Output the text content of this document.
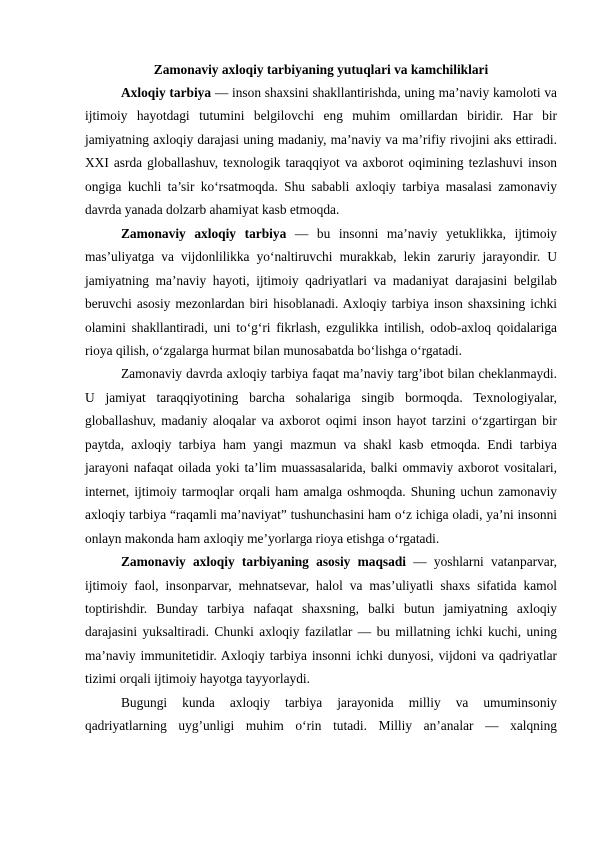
Zamonaviy axloqiy tarbiyaning yutuqlari va kamchiliklari

Axloqiy tarbiya — inson shaxsini shakllantirishda, uning ma’naviy kamoloti va ijtimoiy hayotdagi tutumini belgilovchi eng muhim omillardan biridir. Har bir jamiyatning axloqiy darajasi uning madaniy, ma’naviy va ma’rifiy rivojini aks ettiradi. XXI asrda globallashuv, texnologik taraqqiyot va axborot oqimining tezlashuvi inson ongiga kuchli ta’sir ko‘rsatmoqda. Shu sababli axloqiy tarbiya masalasi zamonaviy davrda yanada dolzarb ahamiyat kasb etmoqda.

Zamonaviy axloqiy tarbiya — bu insonni ma’naviy yetuklikka, ijtimoiy mas’uliyatga va vijdonlilikka yo‘naltiruvchi murakkab, lekin zaruriy jarayondir. U jamiyatning ma’naviy hayoti, ijtimoiy qadriyatlari va madaniyat darajasini belgilab beruvchi asosiy mezonlardan biri hisoblanadi. Axloqiy tarbiya inson shaxsining ichki olamini shakllantiradi, uni to‘g‘ri fikrlash, ezgulikka intilish, odob-axloq qoidalariga rioya qilish, o‘zgalarga hurmat bilan munosabatda bo‘lishga o‘rgatadi.

Zamonaviy davrda axloqiy tarbiya faqat ma’naviy targ’ibot bilan cheklanmaydi. U jamiyat taraqqiyotining barcha sohalariga singib bormoqda. Texnologiyalar, globallashuv, madaniy aloqalar va axborot oqimi inson hayot tarzini o‘zgartirgan bir paytda, axloqiy tarbiya ham yangi mazmun va shakl kasb etmoqda. Endi tarbiya jarayoni nafaqat oilada yoki ta’lim muassasalarida, balki ommaviy axborot vositalari, internet, ijtimoiy tarmoqlar orqali ham amalga oshmoqda. Shuning uchun zamonaviy axloqiy tarbiya “raqamli ma’naviyat” tushunchasini ham o‘z ichiga oladi, ya’ni insonni onlayn makonda ham axloqiy me’yorlarga rioya etishga o‘rgatadi.

Zamonaviy axloqiy tarbiyaning asosiy maqsadi — yoshlarni vatanparvar, ijtimoiy faol, insonparvar, mehnatsevar, halol va mas’uliyatli shaxs sifatida kamol toptirishdir. Bunday tarbiya nafaqat shaxsning, balki butun jamiyatning axloqiy darajasini yuksaltiradi. Chunki axloqiy fazilatlar — bu millatning ichki kuchi, uning ma’naviy immunitetidir. Axloqiy tarbiya insonni ichki dunyosi, vijdoni va qadriyatlar tizimi orqali ijtimoiy hayotga tayyorlaydi.

Bugungi kunda axloqiy tarbiya jarayonida milliy va umuminsoniy qadriyatlarning uyg’unligi muhim o‘rin tutadi. Milliy an’analar — xalqning
